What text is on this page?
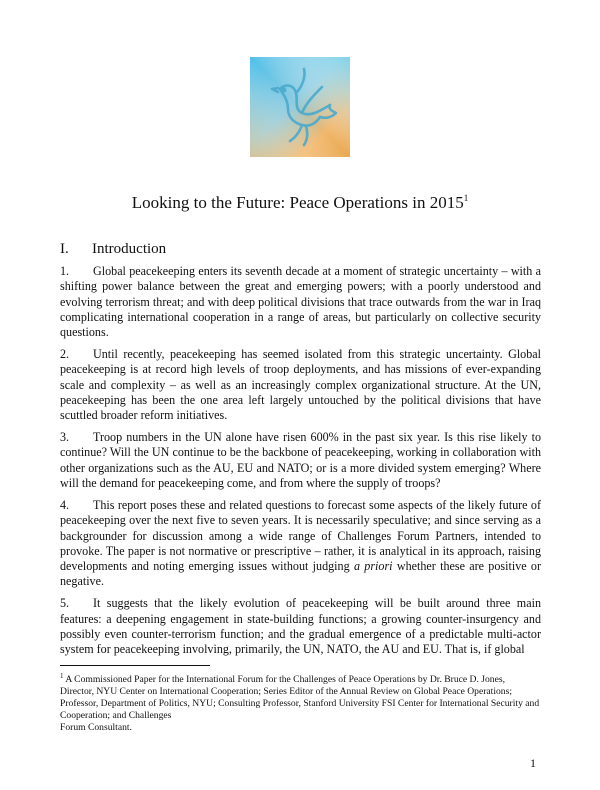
Looking to the Future: Peace Operations in 2015$^1$
I. Introduction

1. Global peacekeeping enters its seventh decade at a moment of strategic uncertainty – with a shifting power balance between the great and emerging powers; with a poorly understood and evolving terrorism threat; and with deep political divisions that trace outwards from the war in Iraq complicating international cooperation in a range of areas, but particularly on collective security questions.

2. Until recently, peacekeeping has seemed isolated from this strategic uncertainty. Global peacekeeping is at record high levels of troop deployments, and has missions of ever-expanding scale and complexity – as well as an increasingly complex organizational structure. At the UN, peacekeeping has been the one area left largely untouched by the political divisions that have scuttled broader reform initiatives.

3. Troop numbers in the UN alone have risen 600% in the past six year. Is this rise likely to continue? Will the UN continue to be the backbone of peacekeeping, working in collaboration with other organizations such as the AU, EU and NATO; or is a more divided system emerging? Where will the demand for peacekeeping come, and from where the supply of troops?

4. This report poses these and related questions to forecast some aspects of the likely future of peacekeeping over the next five to seven years. It is necessarily speculative; and since serving as a backgrounder for discussion among a wide range of Challenges Forum Partners, intended to provoke. The paper is not normative or prescriptive – rather, it is analytical in its approach, raising developments and noting emerging issues without judging a priori whether these are positive or negative.

5. It suggests that the likely evolution of peacekeeping will be built around three main features: a deepening engagement in state-building functions; a growing counter-insurgency and possibly even counter-terrorism function; and the gradual emergence of a predictable multi-actor system for peacekeeping involving, primarily, the UN, NATO, the AU and EU. That is, if global

$^1$ A Commissioned Paper for the International Forum for the Challenges of Peace Operations by Dr. Bruce D. Jones, Director, NYU Center on International Cooperation; Series Editor of the Annual Review on Global Peace Operations; Professor, Department of Politics, NYU; Consulting Professor, Stanford University FSI Center for International Security and Cooperation; and Challenges
Forum Consultant.
1
